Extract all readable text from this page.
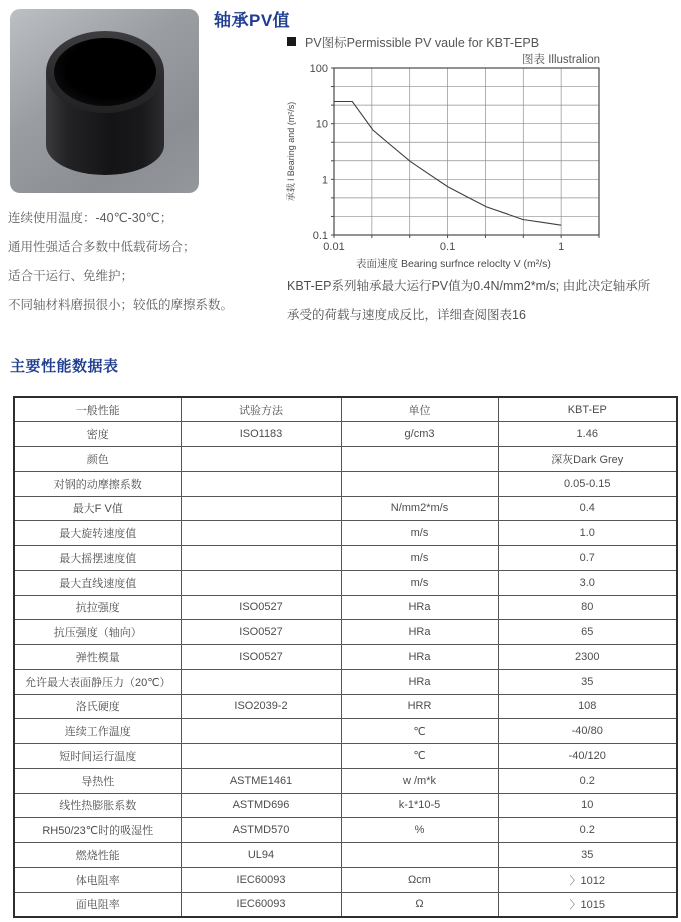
轴承PV值
PV图标Permissible PV vaule for KBT-EPB
图表 Illustralion
100
10
1
0.1
0.01	0.1	1
表面速度 Bearing surfnce reloclty V (m²/s)
承载 l Bearing and (m²/s)
KBT-EP系列轴承最大运行PV值为0.4N/mm2*m/s; 由此决定轴承所
承受的荷载与速度成反比，详细查阅图表16
连续使用温度：-40℃-30℃；
通用性强适合多数中低载荷场合；
适合干运行、免维护；
不同轴材料磨损很小；较低的摩擦系数。
主要性能数据表
一般性能	试验方法	单位	KBT-EP
密度	ISO1183	g/cm3	1.46
颜色			深灰Dark Grey
对钢的动摩擦系数			0.05-0.15
最大F V值		N/mm2*m/s	0.4
最大旋转速度值		m/s	1.0
最大摇摆速度值		m/s	0.7
最大直线速度值		m/s	3.0
抗拉强度	ISO0527	HRa	80
抗压强度（轴向）	ISO0527	HRa	65
弹性模量	ISO0527	HRa	2300
允许最大表面静压力（20℃）		HRa	35
洛氏硬度	ISO2039-2	HRR	108
连续工作温度		℃	-40/80
短时间运行温度		℃	-40/120
导热性	ASTME1461	w /m*k	0.2
线性热膨胀系数	ASTMD696	k-1*10-5	10
RH50/23℃时的吸湿性	ASTMD570	%	0.2
燃烧性能	UL94		35
体电阻率	IEC60093	Ωcm	〉1012
面电阻率	IEC60093	Ω	〉1015
